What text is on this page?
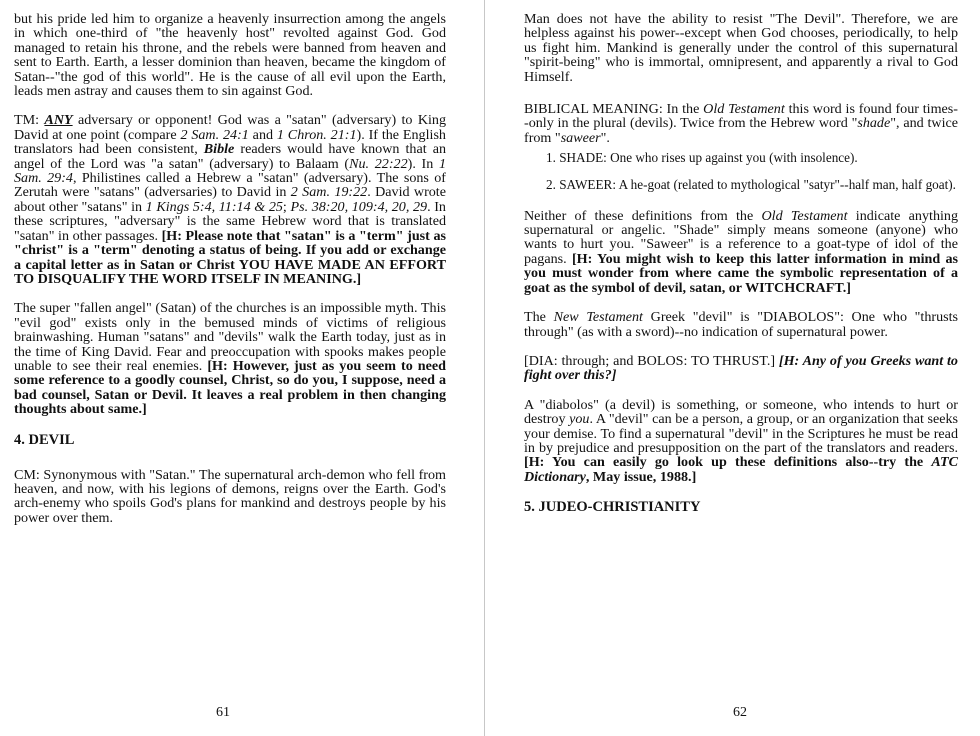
but his pride led him to organize a heavenly insurrection among the angels in which one-third of "the heavenly host" revolted against God. God managed to retain his throne, and the rebels were banned from heaven and sent to Earth. Earth, a lesser dominion than heaven, became the kingdom of Satan--"the god of this world". He is the cause of all evil upon the Earth, leads men astray and causes them to sin against God.

TM: ANY adversary or opponent! God was a "satan" (adversary) to King David at one point (compare 2 Sam. 24:1 and 1 Chron. 21:1). If the English translators had been consistent, Bible readers would have known that an angel of the Lord was "a satan" (adversary) to Balaam (Nu. 22:22). In 1 Sam. 29:4, Philistines called a Hebrew a "satan" (adversary). The sons of Zerutah were "satans" (adversaries) to David in 2 Sam. 19:22. David wrote about other "satans" in 1 Kings 5:4, 11:14 & 25; Ps. 38:20, 109:4, 20, 29. In these scriptures, "adversary" is the same Hebrew word that is translated "satan" in other passages. [H: Please note that "satan" is a "term" just as "christ" is a "term" denoting a status of being. If you add or exchange a capital letter as in Satan or Christ YOU HAVE MADE AN EFFORT TO DISQUALIFY THE WORD ITSELF IN MEANING.]

The super "fallen angel" (Satan) of the churches is an impossible myth. This "evil god" exists only in the bemused minds of victims of religious brainwashing. Human "satans" and "devils" walk the Earth today, just as in the time of King David. Fear and preoccupation with spooks makes people unable to see their real enemies. [H: However, just as you seem to need some reference to a goodly counsel, Christ, so do you, I suppose, need a bad counsel, Satan or Devil. It leaves a real problem in then changing thoughts about same.]

4. DEVIL

CM: Synonymous with "Satan." The supernatural arch-demon who fell from heaven, and now, with his legions of demons, reigns over the Earth. God's arch-enemy who spoils God's plans for mankind and destroys people by his power over them.

Man does not have the ability to resist "The Devil". Therefore, we are helpless against his power--except when God chooses, periodically, to help us fight him. Mankind is generally under the control of this supernatural "spirit-being" who is immortal, omnipresent, and apparently a rival to God Himself.

BIBLICAL MEANING: In the Old Testament this word is found four times--only in the plural (devils). Twice from the Hebrew word "shade", and twice from "saweer".

1. SHADE: One who rises up against you (with insolence).
2. SAWEER: A he-goat (related to mythological "satyr"--half man, half goat).

Neither of these definitions from the Old Testament indicate anything supernatural or angelic. "Shade" simply means someone (anyone) who wants to hurt you. "Saweer" is a reference to a goat-type of idol of the pagans. [H: You might wish to keep this latter information in mind as you must wonder from where came the symbolic representation of a goat as the symbol of devil, satan, or WITCHCRAFT.]

The New Testament Greek "devil" is "DIABOLOS": One who "thrusts through" (as with a sword)--no indication of supernatural power.

[DIA: through; and BOLOS: TO THRUST.] [H: Any of you Greeks want to fight over this?]

A "diabolos" (a devil) is something, or someone, who intends to hurt or destroy you. A "devil" can be a person, a group, or an organization that seeks your demise. To find a supernatural "devil" in the Scriptures he must be read in by prejudice and presupposition on the part of the translators and readers. [H: You can easily go look up these definitions also--try the ATC Dictionary, May issue, 1988.]

5. JUDEO-CHRISTIANITY
61	62
